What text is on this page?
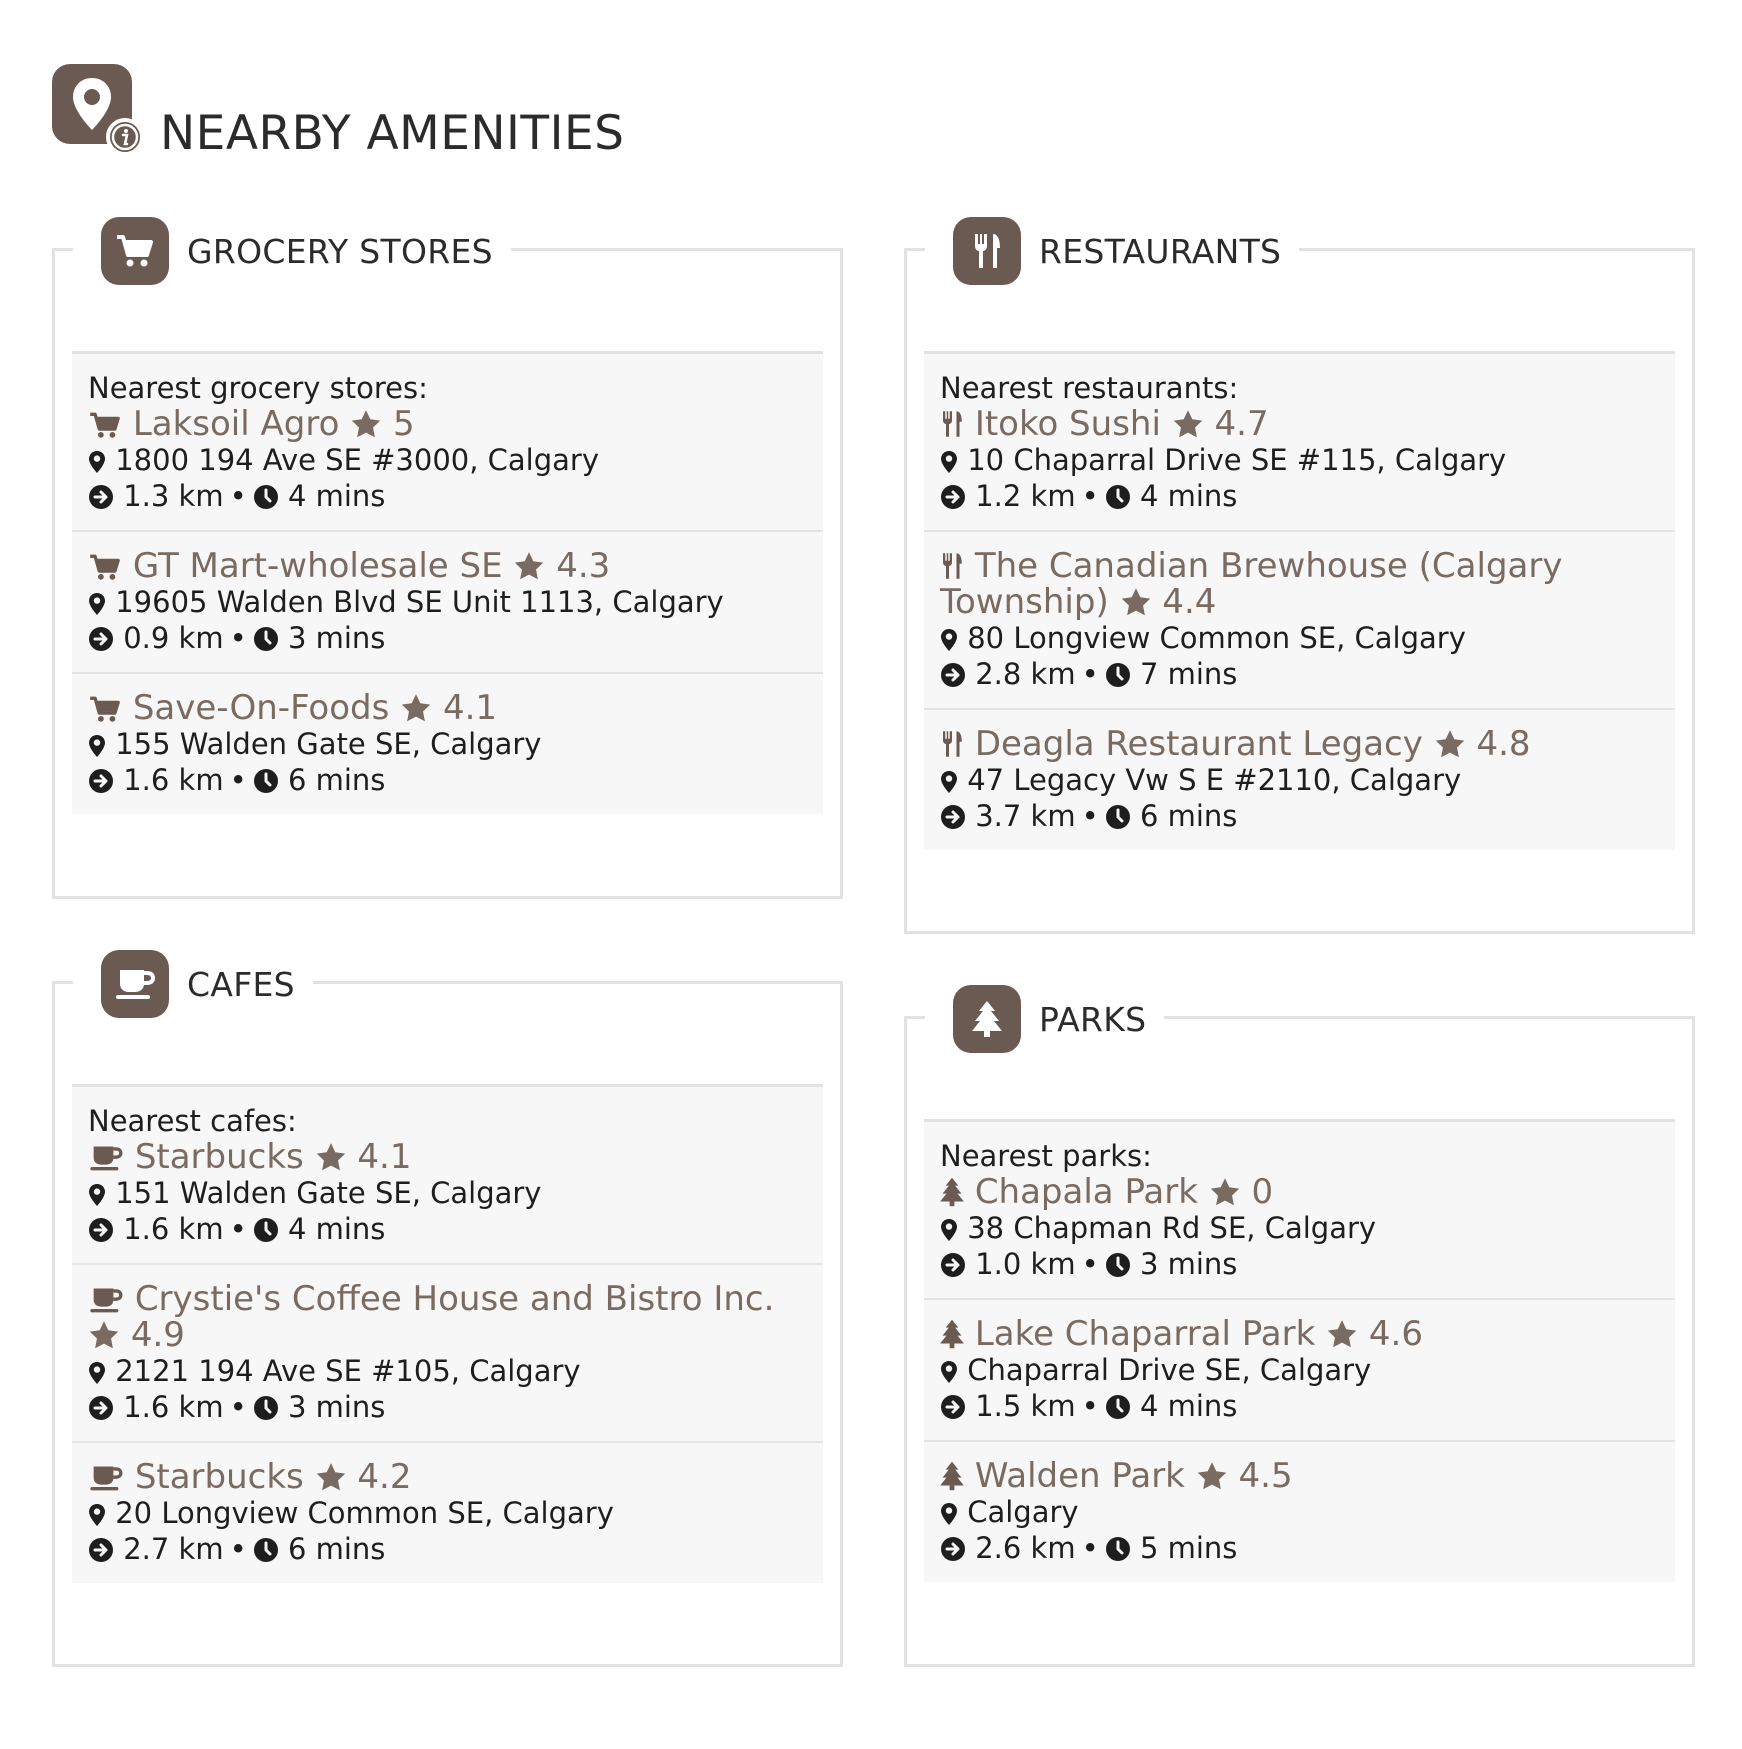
NEARBY AMENITIES
GROCERY STORES
Nearest grocery stores:
Laksoil Agro 5
1800 194 Ave SE #3000, Calgary
1.3 km • 4 mins
GT Mart-wholesale SE 4.3
19605 Walden Blvd SE Unit 1113, Calgary
0.9 km • 3 mins
Save-On-Foods 4.1
155 Walden Gate SE, Calgary
1.6 km • 6 mins
RESTAURANTS
Nearest restaurants:
Itoko Sushi 4.7
10 Chaparral Drive SE #115, Calgary
1.2 km • 4 mins
The Canadian Brewhouse (Calgary Township) 4.4
80 Longview Common SE, Calgary
2.8 km • 7 mins
Deagla Restaurant Legacy 4.8
47 Legacy Vw S E #2110, Calgary
3.7 km • 6 mins
CAFES
Nearest cafes:
Starbucks 4.1
151 Walden Gate SE, Calgary
1.6 km • 4 mins
Crystie's Coffee House and Bistro Inc.  4.9
2121 194 Ave SE #105, Calgary
1.6 km • 3 mins
Starbucks 4.2
20 Longview Common SE, Calgary
2.7 km • 6 mins
PARKS
Nearest parks:
Chapala Park 0
38 Chapman Rd SE, Calgary
1.0 km • 3 mins
Lake Chaparral Park 4.6
Chaparral Drive SE, Calgary
1.5 km • 4 mins
Walden Park 4.5
Calgary
2.6 km • 5 mins
